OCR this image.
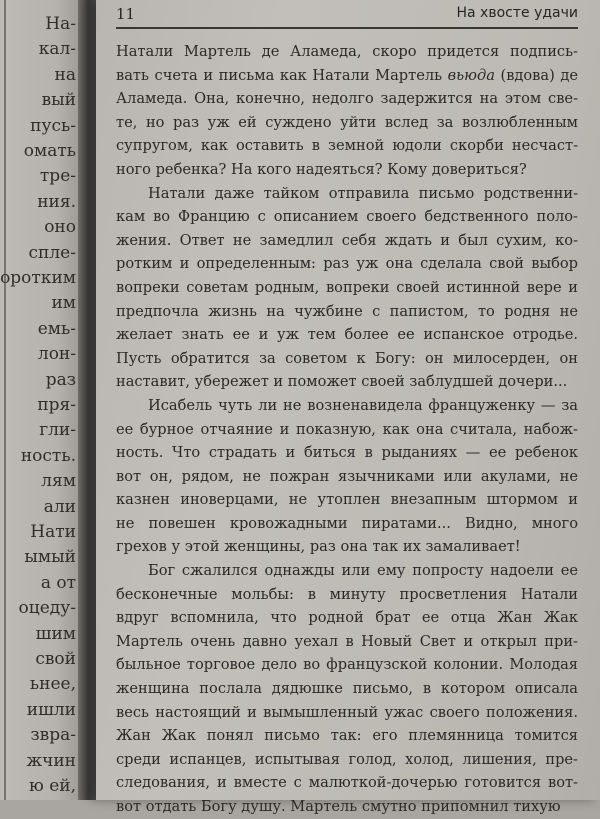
На-
кал-
на
вый
пусь-
омать
тре-
ния.
оно
спле-
оротким
им
емь-
лон-
раз
пря-
гли-
ность.
лям
али
Нати
ымый
а от
оцеду-
шим
свой
ьнее,
ишли
звра-
жчин
ю ей,
11	На хвосте удачи
Натали Мартель де Аламеда, скоро придется подпись-
вать счета и письма как Натали Мартель вьюда (вдова) де
Аламеда. Она, конечно, недолго задержится на этом све-
те, но раз уж ей суждено уйти вслед за возлюбленным
супругом, как оставить в земной юдоли скорби несчаст-
ного ребенка? На кого надеяться? Кому довериться?
Натали даже тайком отправила письмо родственни-
кам во Францию с описанием своего бедственного поло-
жения. Ответ не замедлил себя ждать и был сухим, ко-
ротким и определенным: раз уж она сделала свой выбор
вопреки советам родным, вопреки своей истинной вере и
предпочла жизнь на чужбине с папистом, то родня не
желает знать ее и уж тем более ее испанское отродье.
Пусть обратится за советом к Богу: он милосерден, он
наставит, убережет и поможет своей заблудшей дочери...
Исабель чуть ли не возненавидела француженку — за
ее бурное отчаяние и показную, как она считала, набож-
ность. Что страдать и биться в рыданиях — ее ребенок
вот он, рядом, не пожран язычниками или акулами, не
казнен иноверцами, не утоплен внезапным штормом и
не повешен кровожадными пиратами... Видно, много
грехов у этой женщины, раз она так их замаливает!
Бог сжалился однажды или ему попросту надоели ее
бесконечные мольбы: в минуту просветления Натали
вдруг вспомнила, что родной брат ее отца Жан Жак
Мартель очень давно уехал в Новый Свет и открыл при-
быльное торговое дело во французской колонии. Молодая
женщина послала дядюшке письмо, в котором описала
весь настоящий и вымышленный ужас своего положения.
Жан Жак понял письмо так: его племянница томится
среди испанцев, испытывая голод, холод, лишения, пре-
следования, и вместе с малюткой-дочерью готовится вот-
вот отдать Богу душу. Мартель смутно припомнил тихую
